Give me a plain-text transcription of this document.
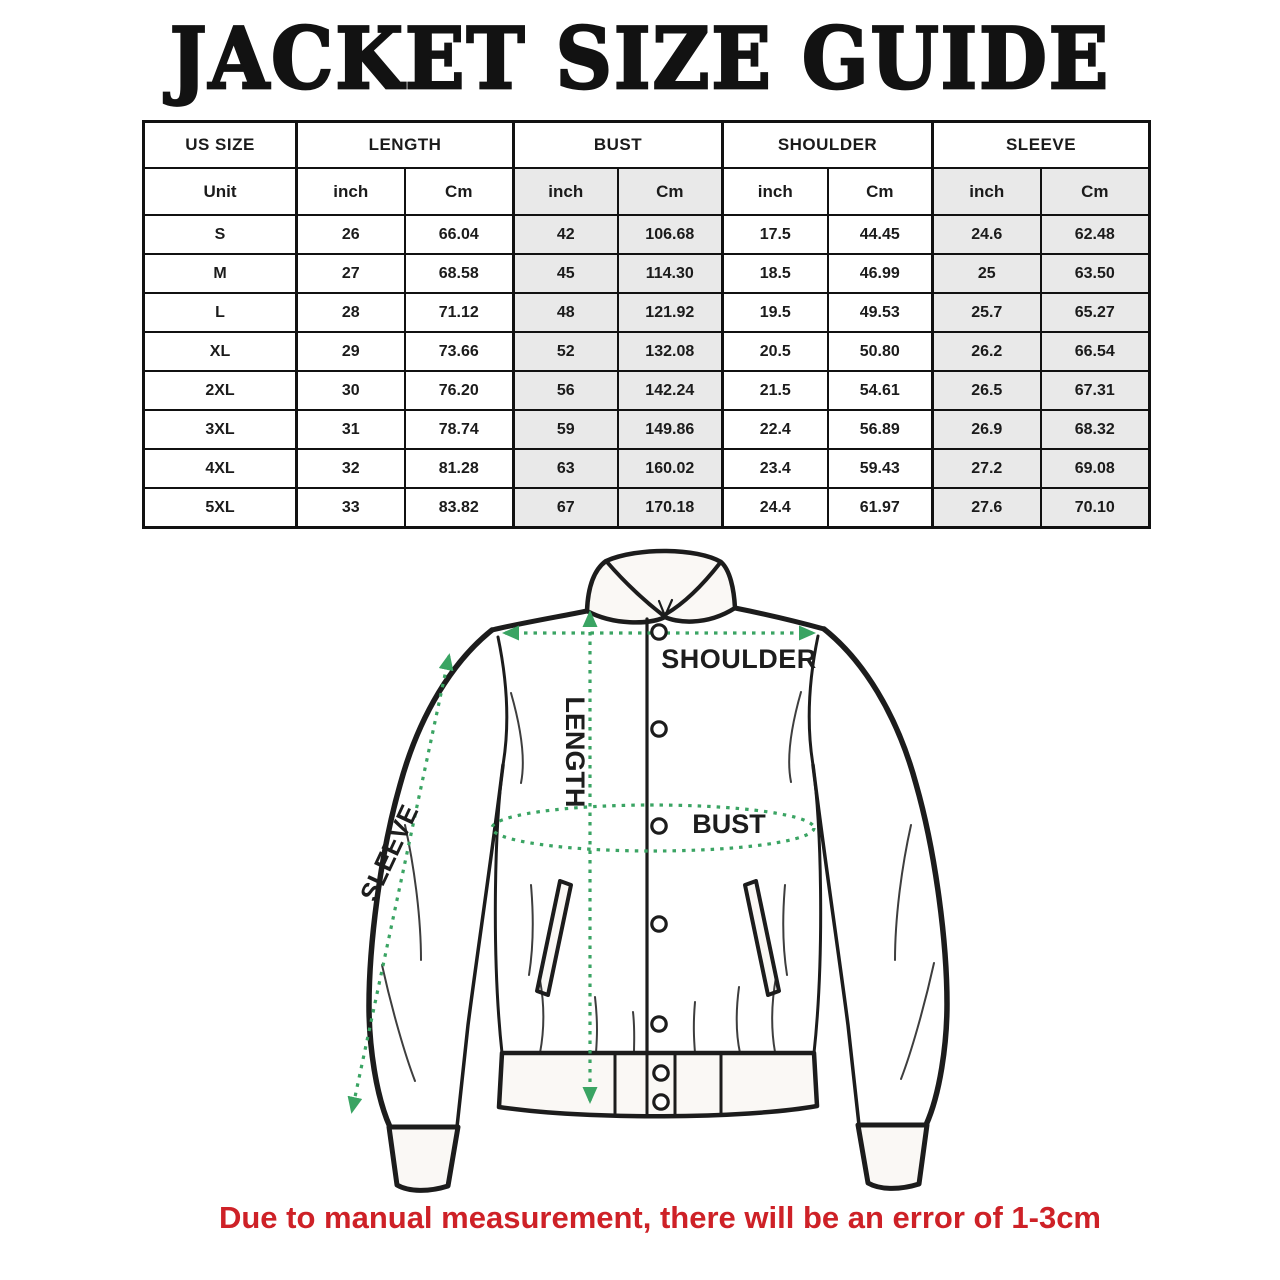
JACKET SIZE GUIDE
US SIZE	LENGTH		BUST		SHOULDER		SLEEVE	
Unit	inch	Cm	inch	Cm	inch	Cm	inch	Cm
S	26	66.04	42	106.68	17.5	44.45	24.6	62.48
M	27	68.58	45	114.30	18.5	46.99	25	63.50
L	28	71.12	48	121.92	19.5	49.53	25.7	65.27
XL	29	73.66	52	132.08	20.5	50.80	26.2	66.54
2XL	30	76.20	56	142.24	21.5	54.61	26.5	67.31
3XL	31	78.74	59	149.86	22.4	56.89	26.9	68.32
4XL	32	81.28	63	160.02	23.4	59.43	27.2	69.08
5XL	33	83.82	67	170.18	24.4	61.97	27.6	70.10
SHOULDER
LENGTH
BUST
SLEEVE
Due to manual measurement, there will be an error of 1-3cm
